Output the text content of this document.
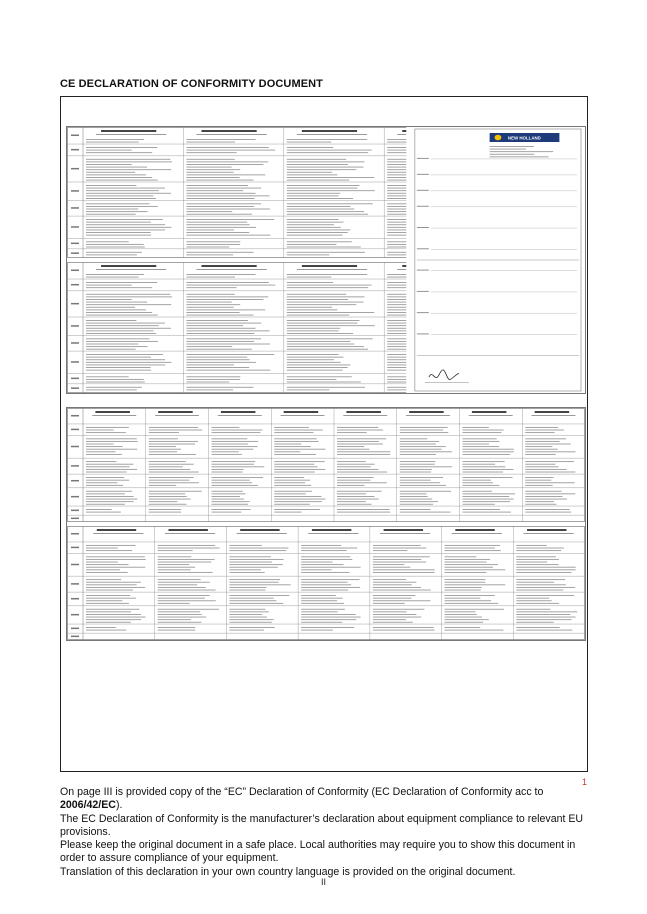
CE DECLARATION OF CONFORMITY DOCUMENT
NEW HOLLAND
1

On page III is provided copy of the “EC” Declaration of Conformity (EC Declaration of Conformity acc to 2006/42/EC).

The EC Declaration of Conformity is the manufacturer’s declaration about equipment compliance to relevant EU provisions.

Please keep the original document in a safe place. Local authorities may require you to show this document in order to assure compliance of your equipment.

Translation of this declaration in your own country language is provided on the original document.

II
